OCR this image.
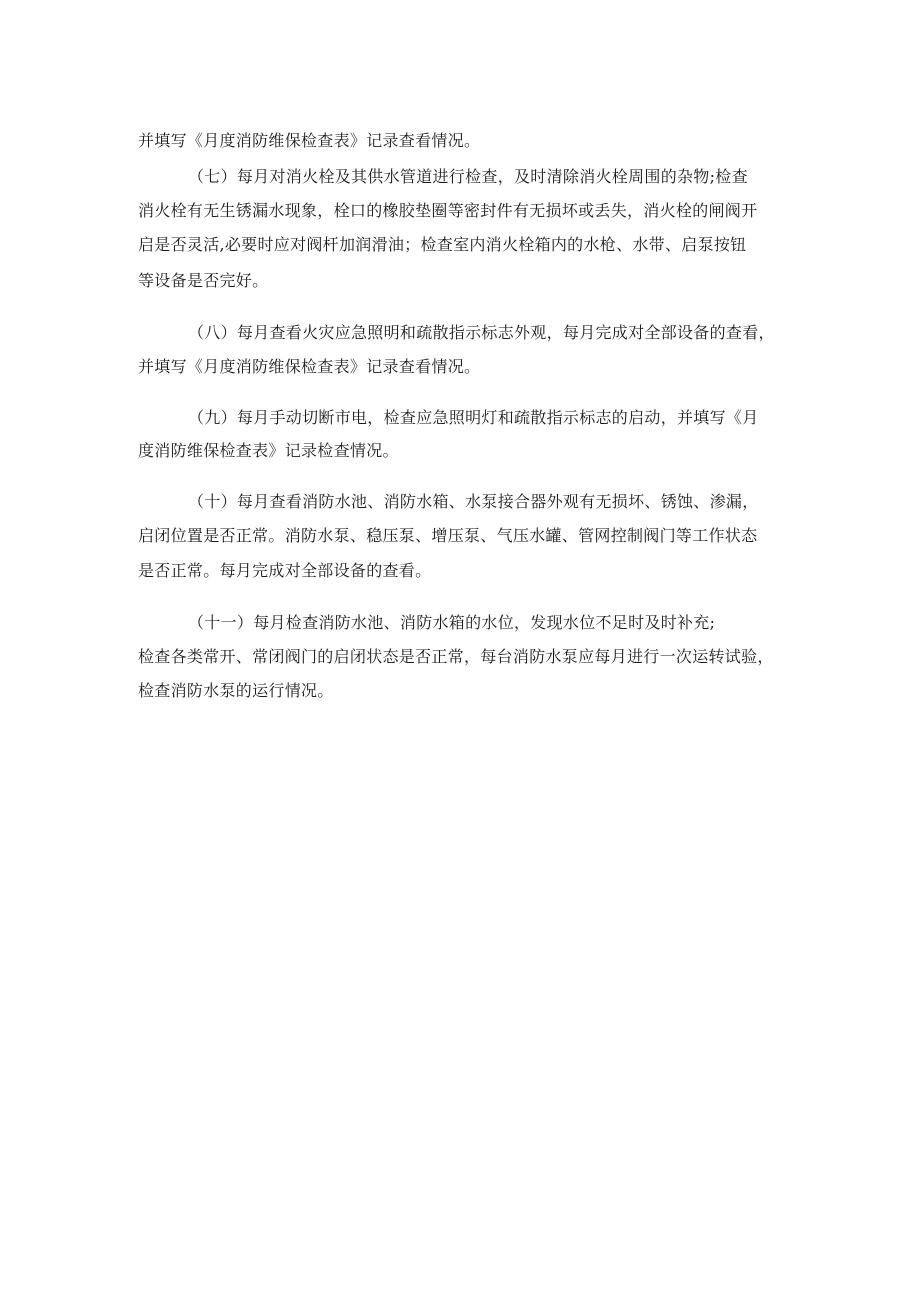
并填写《月度消防维保检查表》记录查看情况。
（七）每月对消火栓及其供水管道进行检查，及时清除消火栓周围的杂物;检查
消火栓有无生锈漏水现象，栓口的橡胶垫圈等密封件有无损坏或丢失，消火栓的闸阀开
启是否灵活,必要时应对阀杆加润滑油；检查室内消火栓箱内的水枪、水带、启泵按钮
等设备是否完好。
（八）每月查看火灾应急照明和疏散指示标志外观，每月完成对全部设备的查看，
并填写《月度消防维保检查表》记录查看情况。
（九）每月手动切断市电，检查应急照明灯和疏散指示标志的启动，并填写《月
度消防维保检查表》记录检查情况。
（十）每月查看消防水池、消防水箱、水泵接合器外观有无损坏、锈蚀、渗漏，
启闭位置是否正常。消防水泵、稳压泵、增压泵、气压水罐、管网控制阀门等工作状态
是否正常。每月完成对全部设备的查看。
（十一）每月检查消防水池、消防水箱的水位，发现水位不足时及时补充;
检查各类常开、常闭阀门的启闭状态是否正常，每台消防水泵应每月进行一次运转试验，
检查消防水泵的运行情况。
